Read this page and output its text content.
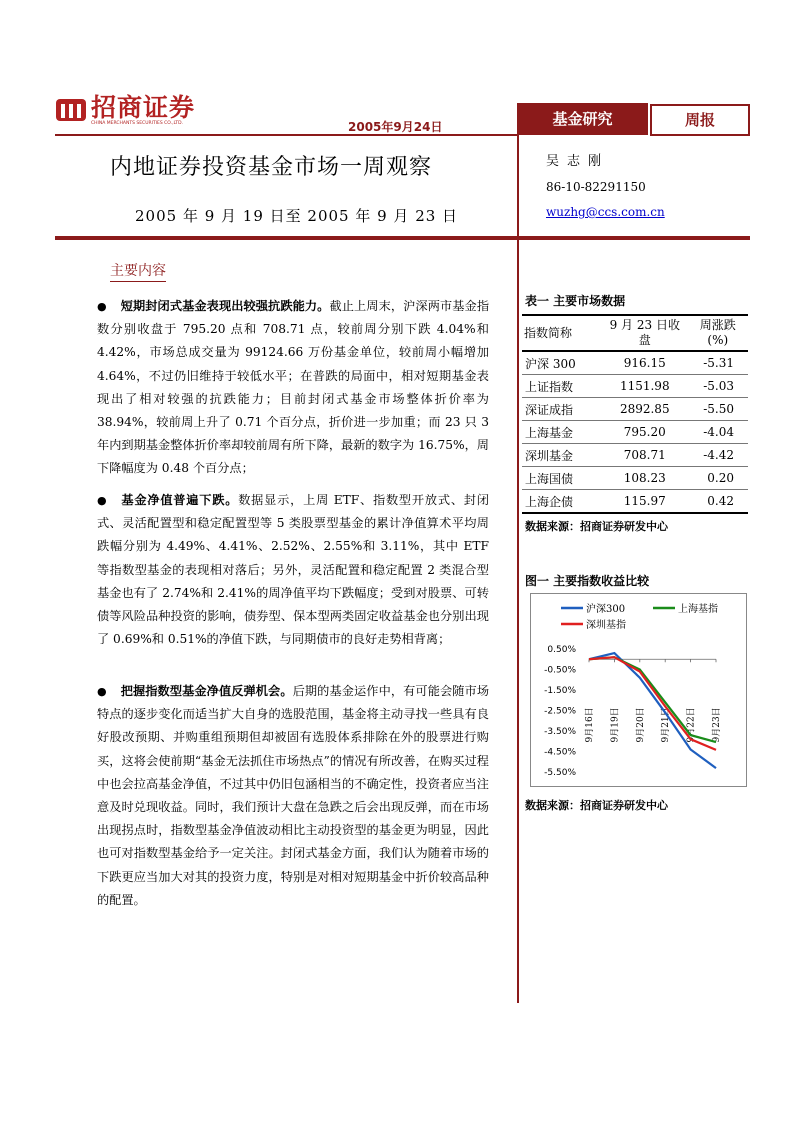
招商证券
CHINA MERCHANTS SECURITIES CO.,LTD.	2005年9月24日	基金研究	周报
内地证券投资基金市场一周观察
2005 年 9 月 19 日至 2005 年 9 月 23 日
吴志刚
86-10-82291150
wuzhg@ccs.com.cn
主要内容
● 短期封闭式基金表现出较强抗跌能力。截止上周末，沪深两市基金指数分别收盘于 795.20 点和 708.71 点，较前周分别下跌 4.04%和 4.42%，市场总成交量为 99124.66 万份基金单位，较前周小幅增加 4.64%，不过仍旧维持于较低水平；在普跌的局面中，相对短期基金表现出了相对较强的抗跌能力；目前封闭式基金市场整体折价率为 38.94%，较前周上升了 0.71 个百分点，折价进一步加重；而 23 只 3 年内到期基金整体折价率却较前周有所下降，最新的数字为 16.75%，周下降幅度为 0.48 个百分点；
● 基金净值普遍下跌。数据显示，上周 ETF、指数型开放式、封闭式、灵活配置型和稳定配置型等 5 类股票型基金的累计净值算术平均周跌幅分别为 4.49%、4.41%、2.52%、2.55%和 3.11%，其中 ETF 等指数型基金的表现相对落后；另外，灵活配置和稳定配置 2 类混合型基金也有了 2.74%和 2.41%的周净值平均下跌幅度；受到对股票、可转债等风险品种投资的影响，债券型、保本型两类固定收益基金也分别出现了 0.69%和 0.51%的净值下跌，与同期债市的良好走势相背离；
● 把握指数型基金净值反弹机会。后期的基金运作中，有可能会随市场特点的逐步变化而适当扩大自身的选股范围，基金将主动寻找一些具有良好股改预期、并购重组预期但却被固有选股体系排除在外的股票进行购买，这将会使前期“基金无法抓住市场热点”的情况有所改善，在购买过程中也会拉高基金净值，不过其中仍旧包涵相当的不确定性，投资者应当注意及时兑现收益。同时，我们预计大盘在急跌之后会出现反弹，而在市场出现拐点时，指数型基金净值波动相比主动投资型的基金更为明显，因此也可对指数型基金给予一定关注。封闭式基金方面，我们认为随着市场的下跌更应当加大对其的投资力度，特别是对相对短期基金中折价较高品种的配置。
表一 主要市场数据
指数简称	9 月 23 日收盘	周涨跌(%)
沪深 300	916.15	-5.31
上证指数	1151.98	-5.03
深证成指	2892.85	-5.50
上海基金	795.20	-4.04
深圳基金	708.71	-4.42
上海国债	108.23	0.20
上海企债	115.97	0.42
数据来源：招商证券研发中心
图一 主要指数收益比较
0.50%
-0.50%
-1.50%
-2.50%
-3.50%
-4.50%
-5.50%
9月16日 9月19日 9月20日 9月21日 9月22日 9月23日
沪深300	上海基指
深圳基指
数据来源：招商证券研发中心
